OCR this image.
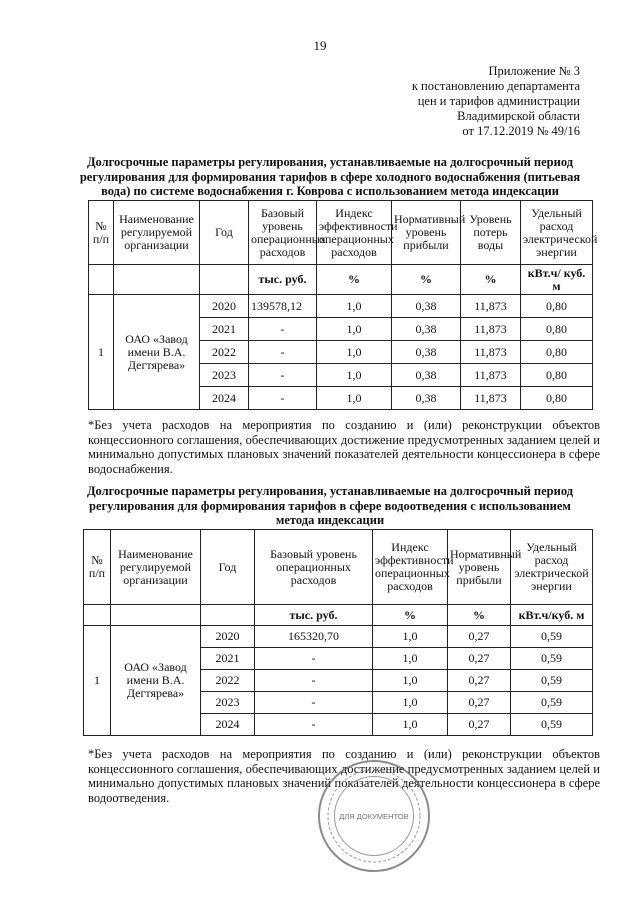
19
Приложение № 3
к постановлению департамента
цен и тарифов администрации
Владимирской области
от 17.12.2019 № 49/16
Долгосрочные параметры регулирования, устанавливаемые на долгосрочный период регулирования для формирования тарифов в сфере холодного водоснабжения (питьевая вода) по системе водоснабжения г. Коврова с использованием метода индексации
№ п/п	Наименование регулируемой организации	Год	Базовый уровень операционных расходов	Индекс эффективности операционных расходов	Нормативный уровень прибыли	Уровень потерь воды	Удельный расход электрической энергии
			тыс. руб.	%	%	%	кВт.ч/ куб. м
1	ОАО «Завод имени В.А. Дегтярева»	2020	139578,12	1,0	0,38	11,873	0,80
		2021	-	1,0	0,38	11,873	0,80
		2022	-	1,0	0,38	11,873	0,80
		2023	-	1,0	0,38	11,873	0,80
		2024	-	1,0	0,38	11,873	0,80
*Без учета расходов на мероприятия по созданию и (или) реконструкции объектов концессионного соглашения, обеспечивающих достижение предусмотренных заданием целей и минимально допустимых плановых значений показателей деятельности концессионера в сфере водоснабжения.
Долгосрочные параметры регулирования, устанавливаемые на долгосрочный период регулирования для формирования тарифов в сфере водоотведения с использованием метода индексации
№ п/п	Наименование регулируемой организации	Год	Базовый уровень операционных расходов	Индекс эффективности операционных расходов	Нормативный уровень прибыли	Удельный расход электрической энергии
			тыс. руб.	%	%	кВт.ч/куб. м
1	ОАО «Завод имени В.А. Дегтярева»	2020	165320,70	1,0	0,27	0,59
		2021	-	1,0	0,27	0,59
		2022	-	1,0	0,27	0,59
		2023	-	1,0	0,27	0,59
		2024	-	1,0	0,27	0,59
*Без учета расходов на мероприятия по созданию и (или) реконструкции объектов концессионного соглашения, обеспечивающих достижение предусмотренных заданием целей и минимально допустимых плановых значений показателей деятельности концессионера в сфере водоотведения.
ДЛЯ ДОКУМЕНТОВ
